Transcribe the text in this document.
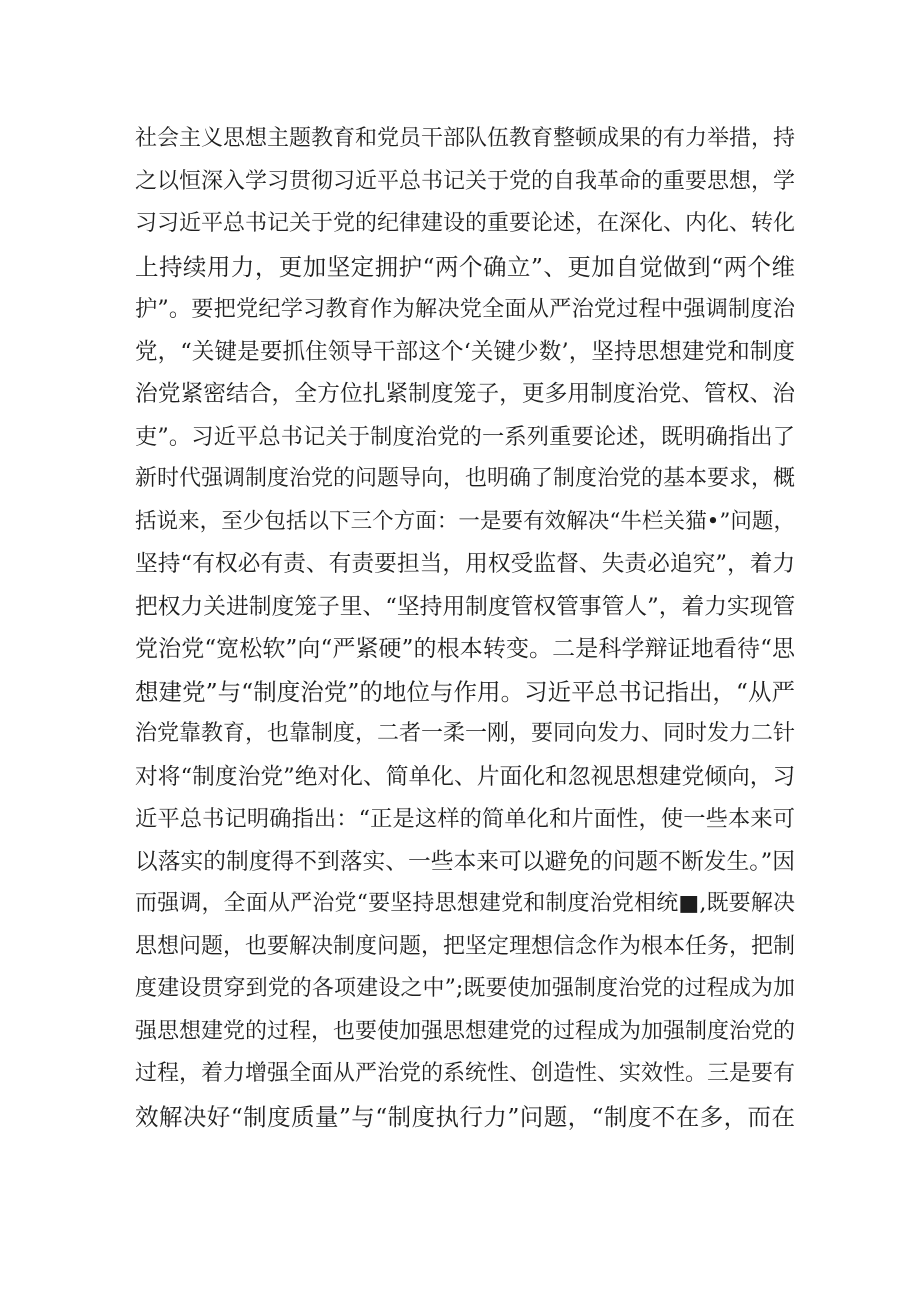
社会主义思想主题教育和党员干部队伍教育整顿成果的有力举措，持
之以恒深入学习贯彻习近平总书记关于党的自我革命的重要思想，学
习习近平总书记关于党的纪律建设的重要论述，在深化、内化、转化
上持续用力，更加坚定拥护“两个确立”、更加自觉做到“两个维
护”。要把党纪学习教育作为解决党全面从严治党过程中强调制度治
党，“关键是要抓住领导干部这个‘关键少数’，坚持思想建党和制度
治党紧密结合，全方位扎紧制度笼子，更多用制度治党、管权、治
吏”。习近平总书记关于制度治党的一系列重要论述，既明确指出了
新时代强调制度治党的问题导向，也明确了制度治党的基本要求，概
括说来，至少包括以下三个方面：一是要有效解决“牛栏关猫•”问题，
坚持“有权必有责、有责要担当，用权受监督、失责必追究”，着力
把权力关进制度笼子里、“坚持用制度管权管事管人”，着力实现管
党治党“宽松软”向“严紧硬”的根本转变。二是科学辩证地看待“思
想建党”与“制度治党”的地位与作用。习近平总书记指出，“从严
治党靠教育，也靠制度，二者一柔一刚，要同向发力、同时发力二针
对将“制度治党”绝对化、简单化、片面化和忽视思想建党倾向，习
近平总书记明确指出：“正是这样的简单化和片面性，使一些本来可
以落实的制度得不到落实、一些本来可以避免的问题不断发生。”因
而强调，全面从严治党“要坚持思想建党和制度治党相统■,既要解决
思想问题，也要解决制度问题，把坚定理想信念作为根本任务，把制
度建设贯穿到党的各项建设之中”;既要使加强制度治党的过程成为加
强思想建党的过程，也要使加强思想建党的过程成为加强制度治党的
过程，着力增强全面从严治党的系统性、创造性、实效性。三是要有
效解决好“制度质量”与“制度执行力”问题，“制度不在多，而在
